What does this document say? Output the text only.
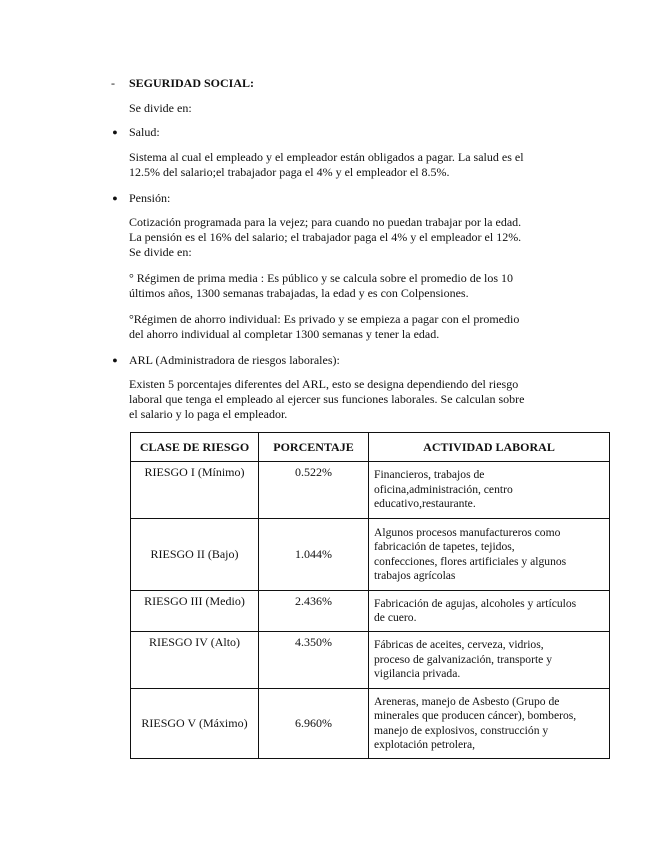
-	SEGURIDAD SOCIAL:
Se divide en:
● Salud:
Sistema al cual el empleado y el empleador están obligados a pagar. La salud es el
12.5% del salario;el trabajador paga el 4% y el empleador el 8.5%.
● Pensión:
Cotización programada para la vejez; para cuando no puedan trabajar por la edad.
La pensión es el 16% del salario; el trabajador paga el 4% y el empleador el 12%.
Se divide en:
° Régimen de prima media : Es público y se calcula sobre el promedio de los 10
últimos años, 1300 semanas trabajadas, la edad y es con Colpensiones.
°Régimen de ahorro individual: Es privado y se empieza a pagar con el promedio
del ahorro individual al completar 1300 semanas y tener la edad.
● ARL (Administradora de riesgos laborales):
Existen 5 porcentajes diferentes del ARL, esto se designa dependiendo del riesgo
laboral que tenga el empleado al ejercer sus funciones laborales. Se calculan sobre
el salario y lo paga el empleador.
CLASE DE RIESGO	PORCENTAJE	ACTIVIDAD LABORAL
RIESGO I (Mínimo)	0.522%	Financieros, trabajos de
oficina,administración, centro
educativo,restaurante.

RIESGO II (Bajo)	1.044%	Algunos procesos manufactureros como
fabricación de tapetes, tejidos,
confecciones, flores artificiales y algunos
trabajos agrícolas

RIESGO III (Medio)	2.436%	Fabricación de agujas, alcoholes y artículos
de cuero.

RIESGO IV (Alto)	4.350%	Fábricas de aceites, cerveza, vidrios,
proceso de galvanización, transporte y
vigilancia privada.

RIESGO V (Máximo)	6.960%	Areneras, manejo de Asbesto (Grupo de
minerales que producen cáncer), bomberos,
manejo de explosivos, construcción y
explotación petrolera,
